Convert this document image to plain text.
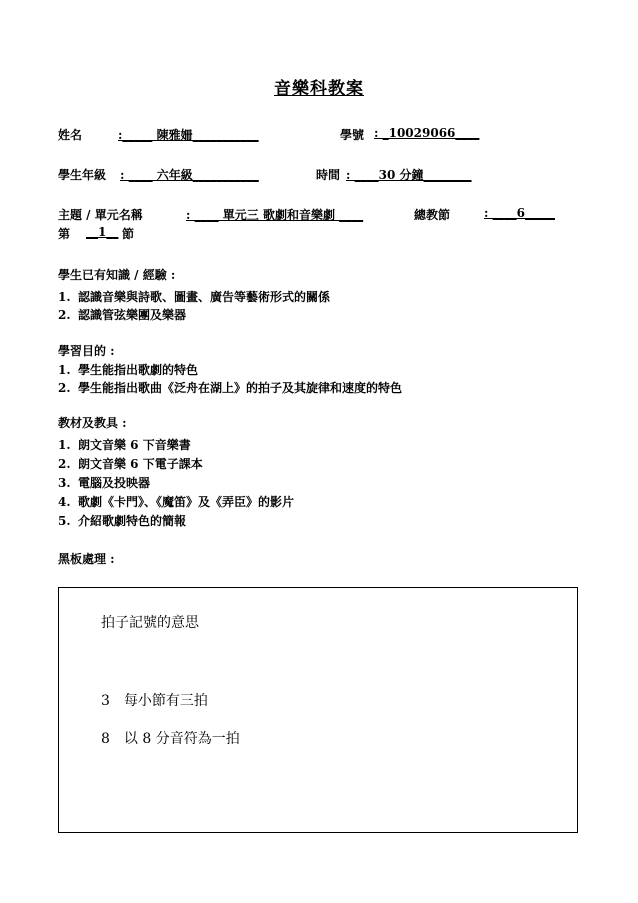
音樂科教案
姓名	:_____ 陳雅姍___________	學號 : _10029066____
學生年級 : ____ 六年級___________	時間 : ____30 分鐘________
主題 / 單元名稱	: ____ 單元三 歌劇和音樂劇 ____	總教節	: ____6_____
第 __1__ 節
學生已有知識 / 經驗 :
1. 認識音樂與詩歌、圖畫、廣告等藝術形式的關係
2. 認識管弦樂團及樂器
學習目的 :
1. 學生能指出歌劇的特色
2. 學生能指出歌曲《泛舟在湖上》的拍子及其旋律和速度的特色
教材及教具 :
1. 朗文音樂 6 下音樂書
2. 朗文音樂 6 下電子課本
3. 電腦及投映器
4. 歌劇《卡門》、《魔笛》及《弄臣》的影片
5. 介紹歌劇特色的簡報
黑板處理 :
拍子記號的意思
3　每小節有三拍
8　以 8 分音符為一拍
